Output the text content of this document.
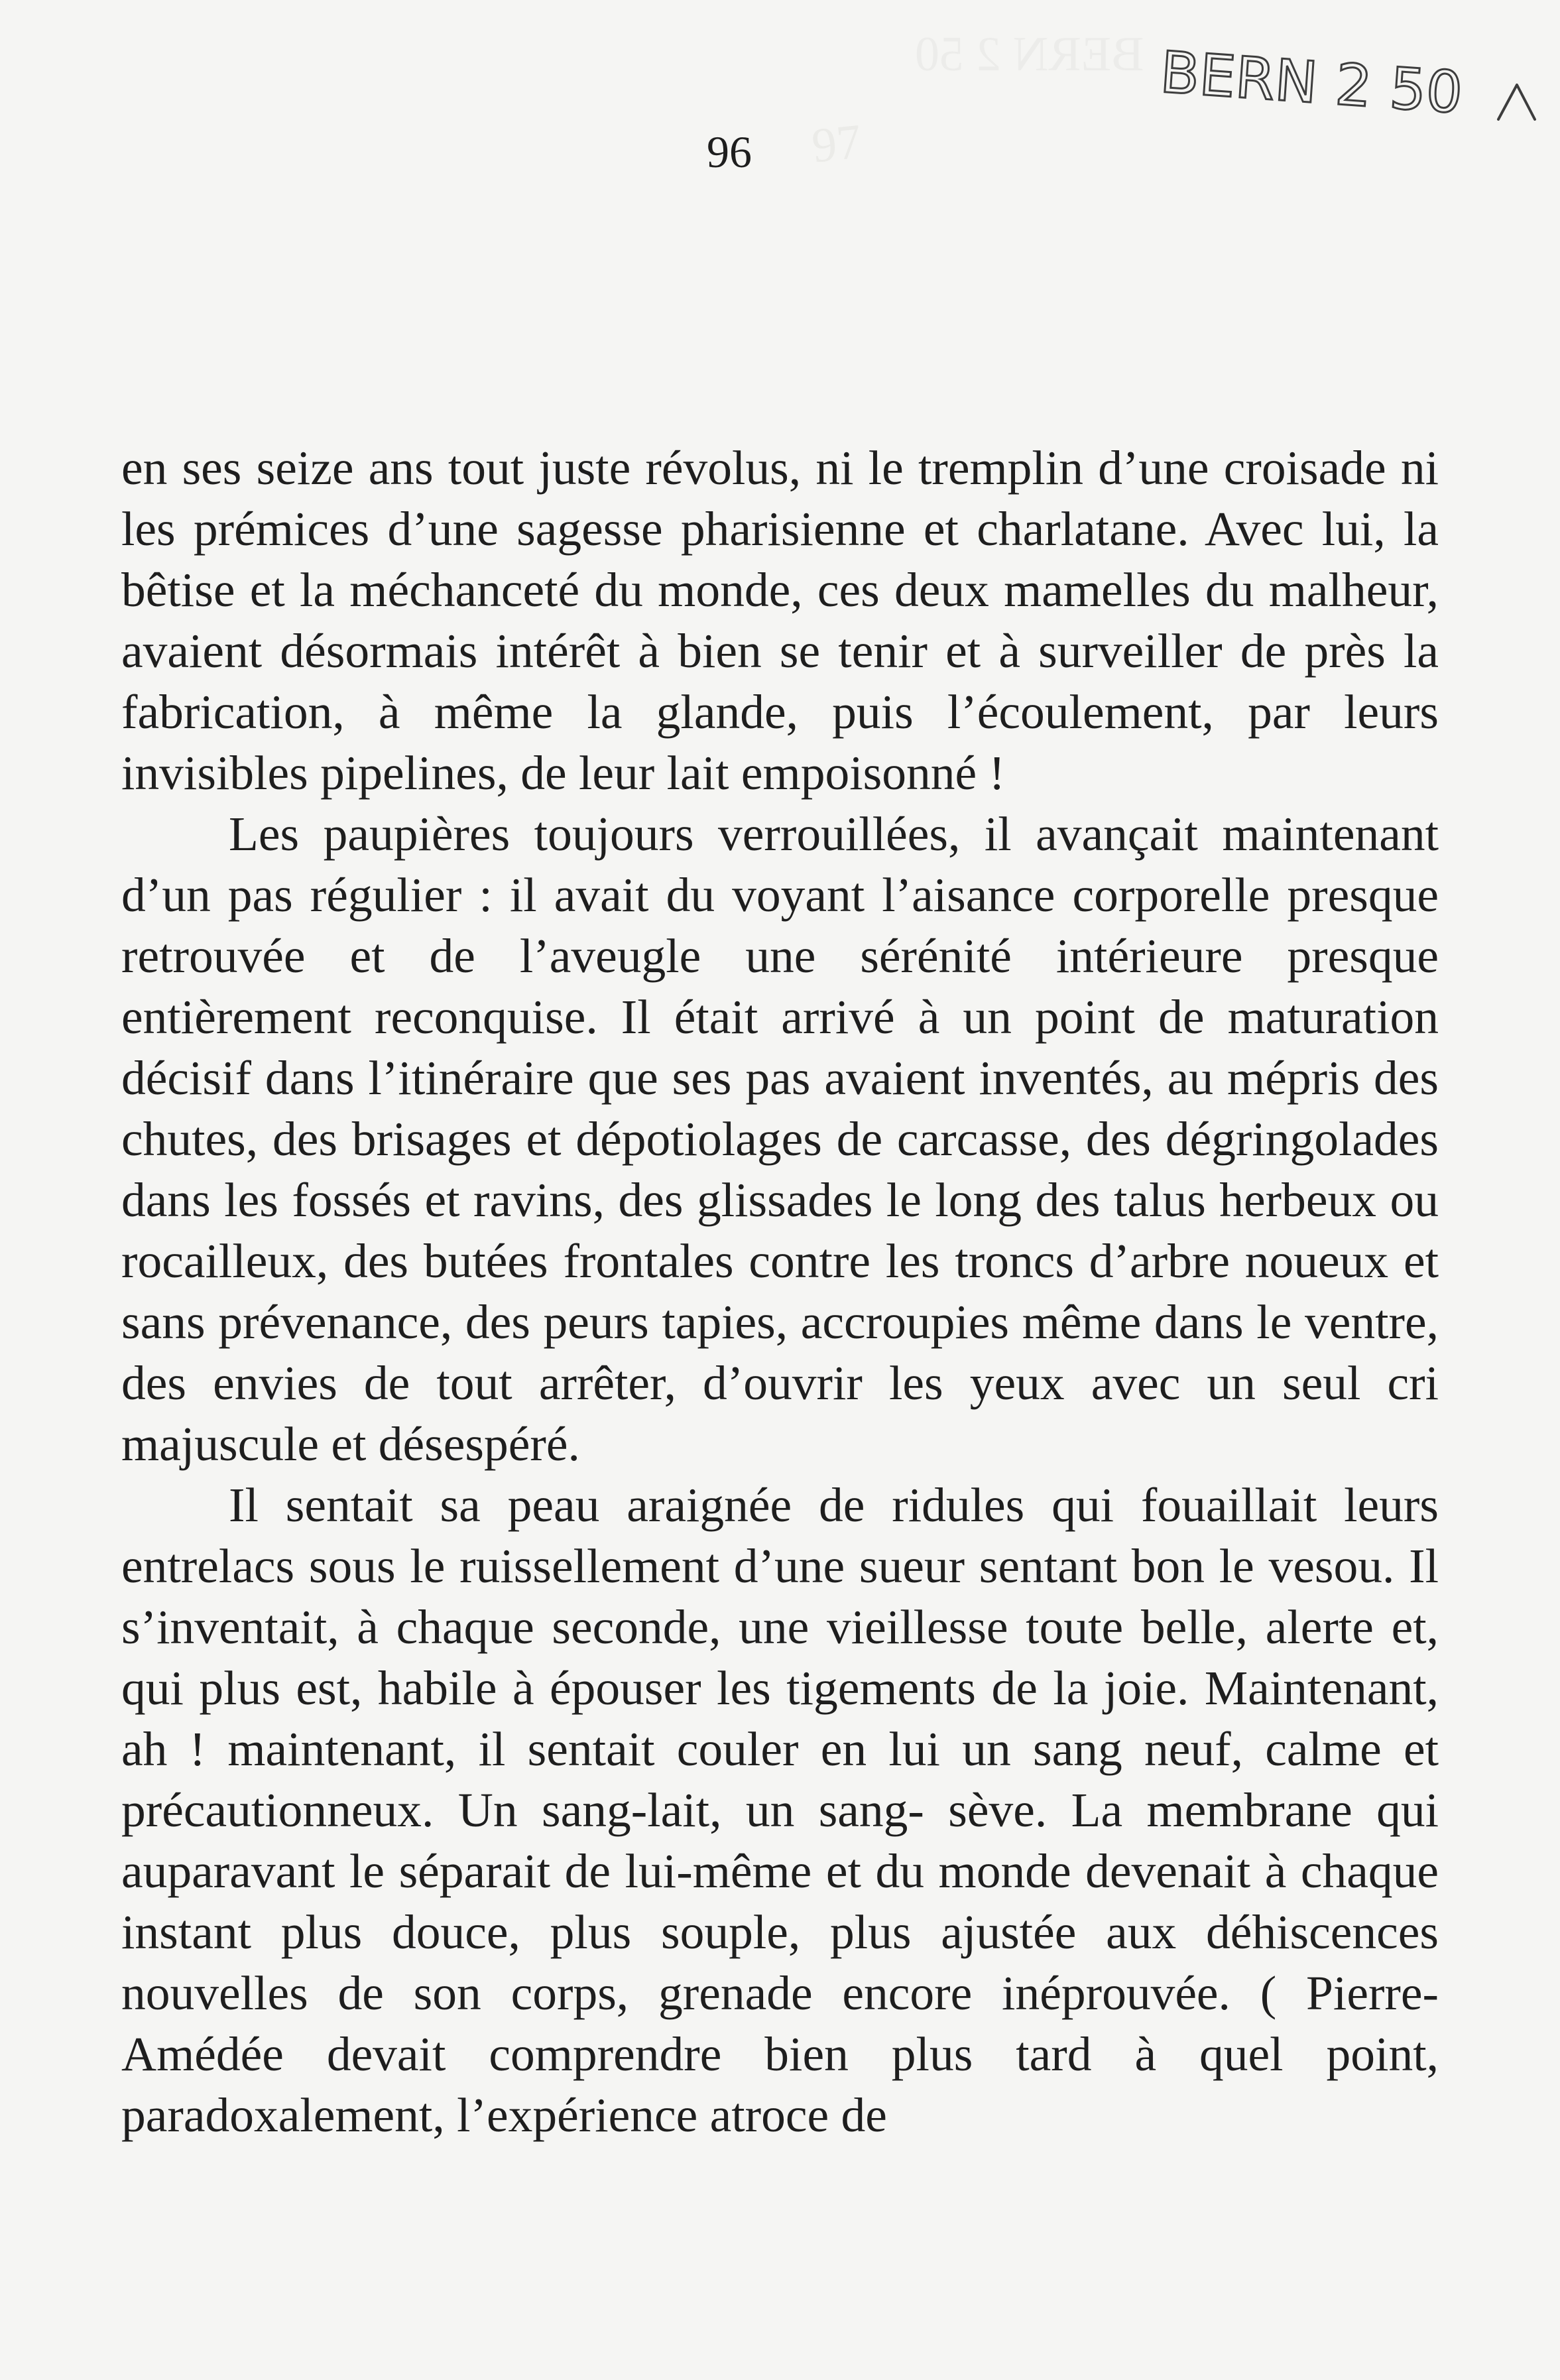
97
BERN 2 50 BERN 2 50
96

en ses seize ans tout juste révolus, ni le tremplin d’une croisade ni les prémices d’une sagesse pharisienne et charlatane. Avec lui, la bêtise et la méchanceté du monde, ces deux mamelles du malheur, avaient désormais intérêt à bien se tenir et à surveiller de près la fabrication, à même la glande, puis l’écoulement, par leurs invisibles pipelines, de leur lait empoisonné !

Les paupières toujours verrouillées, il avançait maintenant d’un pas régulier : il avait du voyant l’aisance corporelle presque retrouvée et de l’aveugle une sérénité intérieure presque entièrement reconquise. Il était arrivé à un point de maturation décisif dans l’itinéraire que ses pas avaient inventés, au mépris des chutes, des brisages et dépotiolages de carcasse, des dégringolades dans les fossés et ravins, des glissades le long des talus herbeux ou rocailleux, des butées frontales contre les troncs d’arbre noueux et sans prévenance, des peurs tapies, accroupies même dans le ventre, des envies de tout arrêter, d’ouvrir les yeux avec un seul cri majuscule et désespéré.

Il sentait sa peau araignée de ridules qui fouaillait leurs entrelacs sous le ruissellement d’une sueur sentant bon le vesou. Il s’inventait, à chaque seconde, une vieillesse toute belle, alerte et, qui plus est, habile à épouser les tigements de la joie. Maintenant, ah ! maintenant, il sentait couler en lui un sang neuf, calme et précautionneux. Un sang-lait, un sang- sève. La membrane qui auparavant le séparait de lui-même et du monde devenait à chaque instant plus douce, plus souple, plus ajustée aux déhiscences nouvelles de son corps, grenade encore inéprouvée. ( Pierre-Amédée devait comprendre bien plus tard à quel point, paradoxalement, l’expérience atroce de
